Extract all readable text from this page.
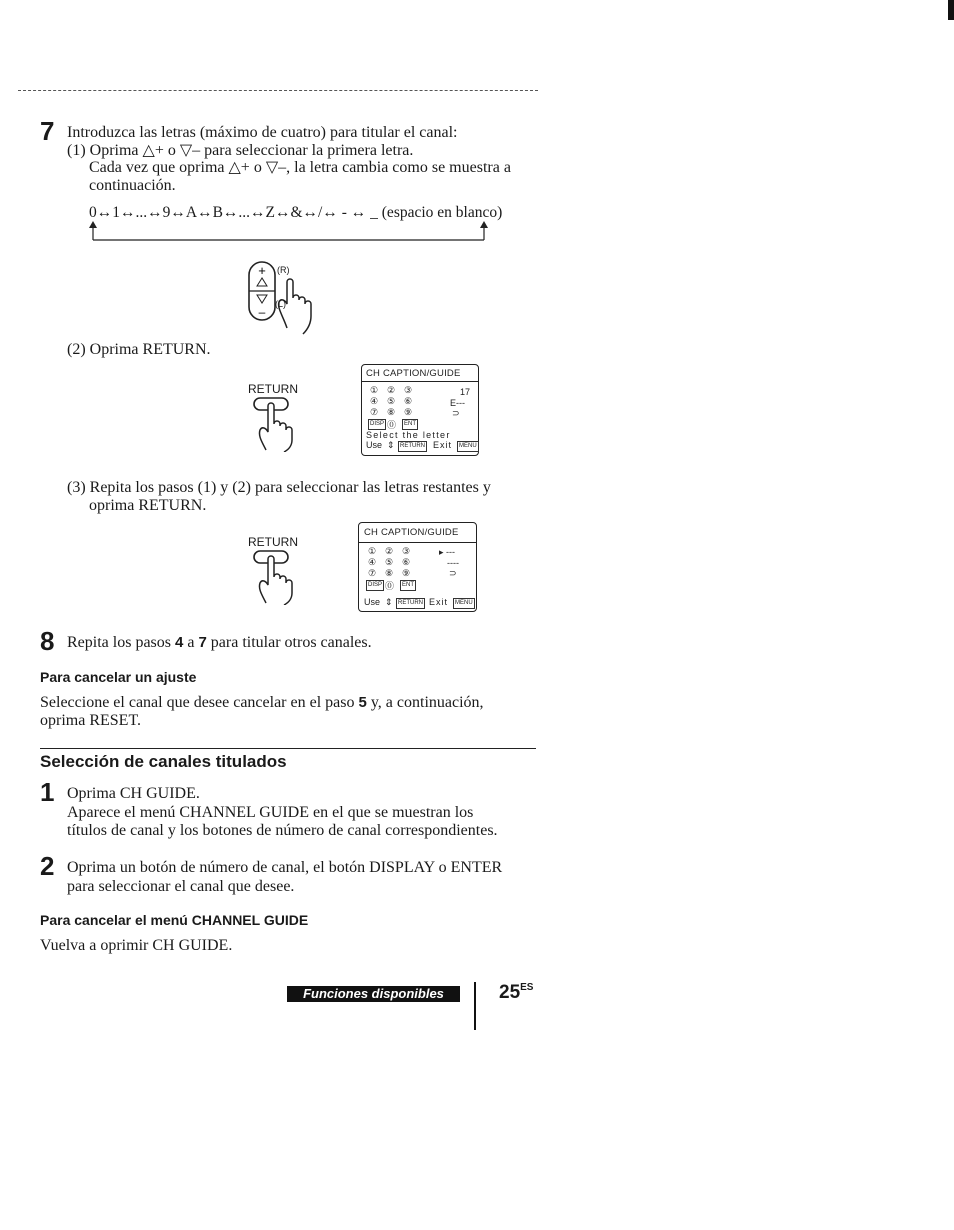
7 Introduzca las letras (máximo de cuatro) para titular el canal:
(1) Oprima △+ o ▽– para seleccionar la primera letra.
Cada vez que oprima △+ o ▽–, la letra cambia como se muestra a
continuación.
0↔1↔...↔9↔A↔B↔...↔Z↔&↔/↔ - ↔ _ (espacio en blanco)
+
–
(R)
(L)
(2) Oprima RETURN.
RETURN
CH CAPTION/GUIDE
① ② ③
④ ⑤ ⑥
⑦ ⑧ ⑨
DISP ⓪	ENT
17
E---
⊃
Select the letter
Use ⇕ RETURN Exit	MENU
(3) Repita los pasos (1) y (2) para seleccionar las letras restantes y
oprima RETURN.
RETURN
CH CAPTION/GUIDE
① ② ③
④ ⑤ ⑥
⑦ ⑧ ⑨
DISP ⓪	ENT
▸ ---
----
⊃
Use ⇕ RETURN Exit	MENU
8 Repita los pasos 4 a 7 para titular otros canales.
Para cancelar un ajuste
Seleccione el canal que desee cancelar en el paso 5 y, a continuación,
oprima RESET.
Selección de canales titulados
1 Oprima CH GUIDE.
Aparece el menú CHANNEL GUIDE en el que se muestran los
títulos de canal y los botones de número de canal correspondientes.
2 Oprima un botón de número de canal, el botón DISPLAY o ENTER
para seleccionar el canal que desee.
Para cancelar el menú CHANNEL GUIDE
Vuelva a oprimir CH GUIDE.
Funciones disponibles	$25^{ES}$
